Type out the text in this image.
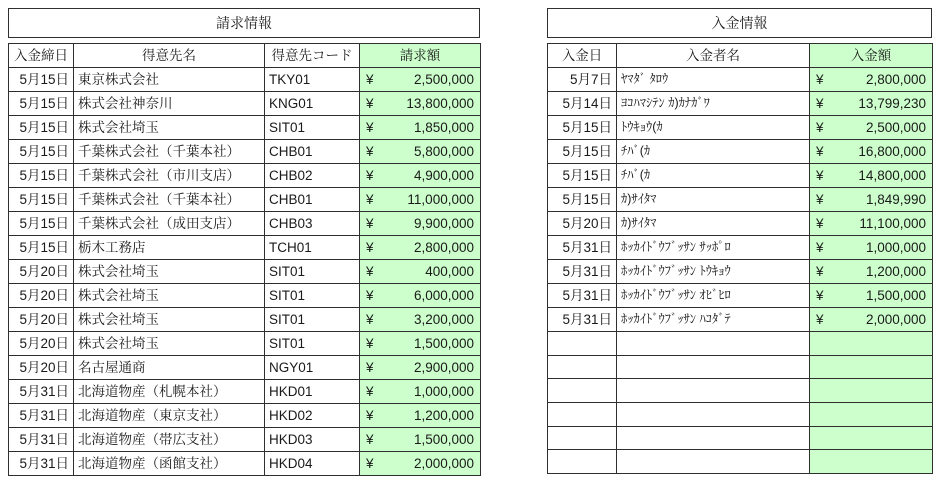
請求情報
入金締日	得意先名	得意先コード	請求額
5月15日	東京株式会社	TKY01	¥ 2,500,000

5月15日	株式会社神奈川	KNG01	¥ 13,800,000

5月15日	株式会社埼玉	SIT01	¥ 1,850,000

5月15日	千葉株式会社（千葉本社）	CHB01	¥ 5,800,000

5月15日	千葉株式会社（市川支店）	CHB02	¥ 4,900,000

5月15日	千葉株式会社（千葉本社）	CHB01	¥ 11,000,000

5月15日	千葉株式会社（成田支店）	CHB03	¥ 9,900,000

5月15日	栃木工務店	TCH01	¥ 2,800,000

5月20日	株式会社埼玉	SIT01	¥ 400,000

5月20日	株式会社埼玉	SIT01	¥ 6,000,000

5月20日	株式会社埼玉	SIT01	¥ 3,200,000

5月20日	株式会社埼玉	SIT01	¥ 1,500,000

5月20日	名古屋通商	NGY01	¥ 2,900,000

5月31日	北海道物産（札幌本社）	HKD01	¥ 1,000,000

5月31日	北海道物産（東京支社）	HKD02	¥ 1,200,000

5月31日	北海道物産（帯広支社）	HKD03	¥ 1,500,000

5月31日	北海道物産（函館支社）	HKD04	¥ 2,000,000
入金情報
入金日	入金者名	入金額
5月7日	ﾔﾏﾀﾞ ﾀﾛｳ	¥ 2,800,000

5月14日	ﾖｺﾊﾏｼﾃﾝ ｶ)ｶﾅｶﾞﾜ	¥ 13,799,230

5月15日	ﾄｳｷｮｳ(ｶ	¥ 2,500,000

5月15日	ﾁﾊﾞ(ｶ	¥ 16,800,000

5月15日	ﾁﾊﾞ(ｶ	¥ 14,800,000

5月15日	ｶ)ｻｲﾀﾏ	¥ 1,849,990

5月20日	ｶ)ｻｲﾀﾏ	¥ 11,100,000

5月31日	ﾎｯｶｲﾄﾞｳﾌﾞｯｻﾝ ｻｯﾎﾟﾛ	¥ 1,000,000

5月31日	ﾎｯｶｲﾄﾞｳﾌﾞｯｻﾝ ﾄｳｷｮｳ	¥ 1,200,000

5月31日	ﾎｯｶｲﾄﾞｳﾌﾞｯｻﾝ ｵﾋﾞﾋﾛ	¥ 1,500,000

5月31日	ﾎｯｶｲﾄﾞｳﾌﾞｯｻﾝ ﾊｺﾀﾞﾃ	¥ 2,000,000
